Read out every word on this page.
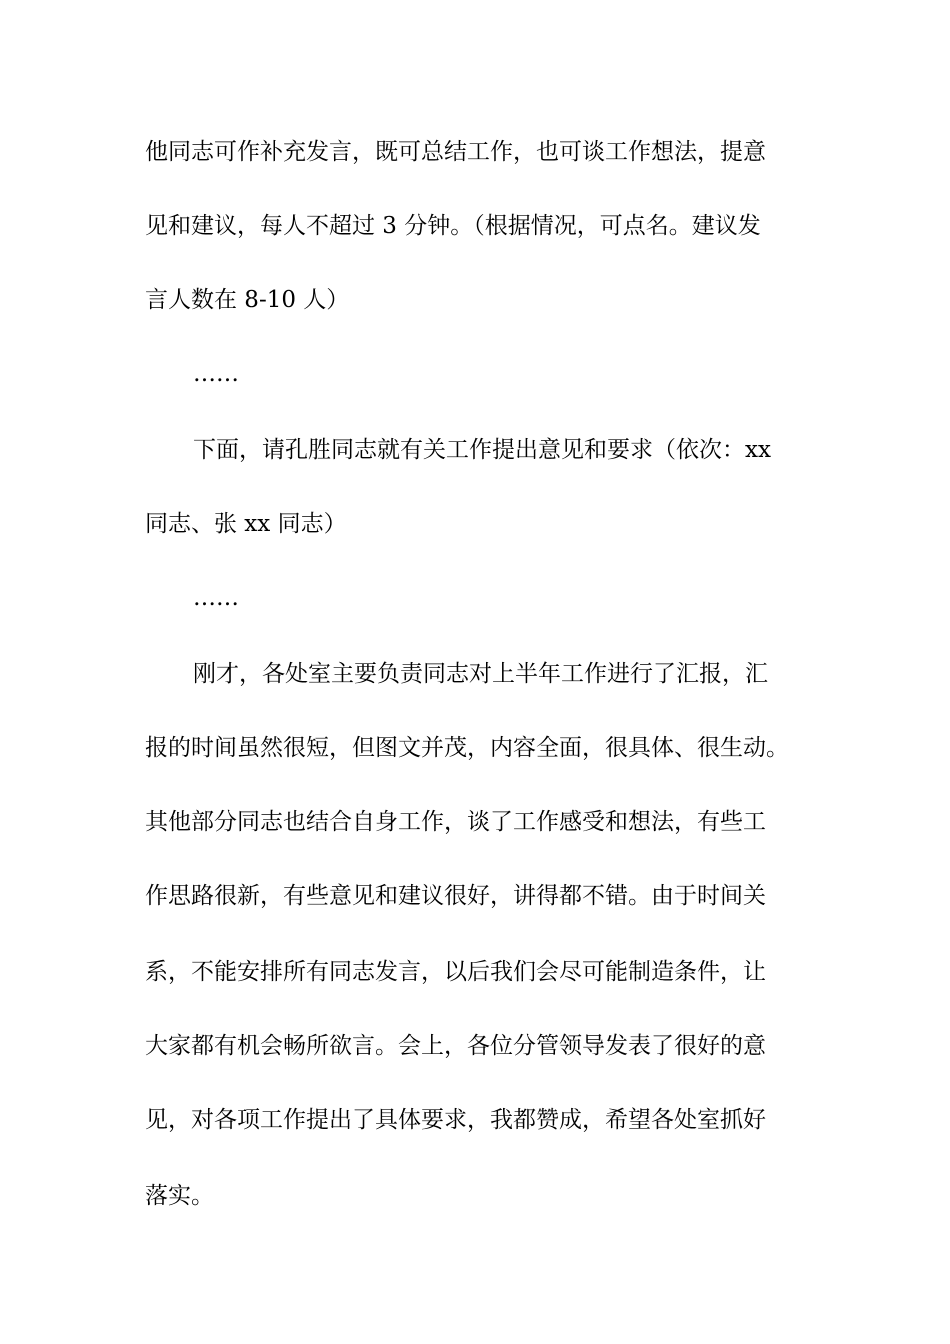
他同志可作补充发言，既可总结工作，也可谈工作想法，提意
见和建议，每人不超过 3 分钟。（根据情况，可点名。建议发
言人数在 8-10 人）
……
下面，请孔胜同志就有关工作提出意见和要求（依次：xx
同志、张 xx 同志）
……
刚才，各处室主要负责同志对上半年工作进行了汇报，汇
报的时间虽然很短，但图文并茂，内容全面，很具体、很生动。
其他部分同志也结合自身工作，谈了工作感受和想法，有些工
作思路很新，有些意见和建议很好，讲得都不错。由于时间关
系，不能安排所有同志发言，以后我们会尽可能制造条件，让
大家都有机会畅所欲言。会上，各位分管领导发表了很好的意
见，对各项工作提出了具体要求，我都赞成，希望各处室抓好
落实。
